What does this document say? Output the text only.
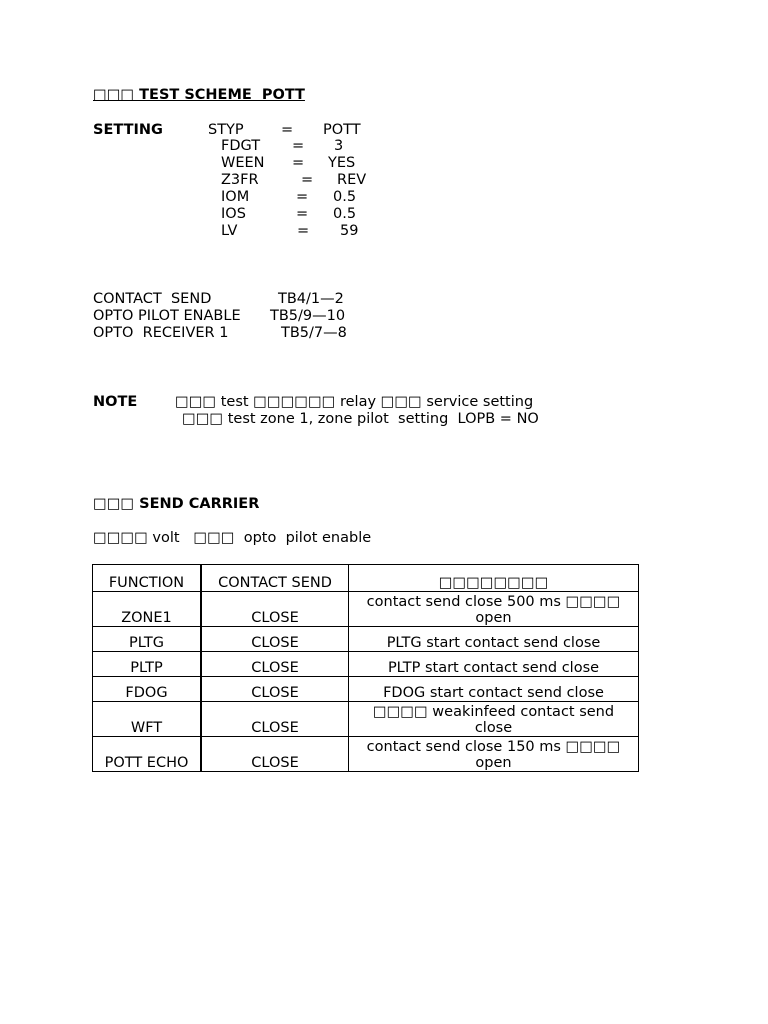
□□□ TEST SCHEME  POTT
SETTING	STYP	= POTT
FDGT = 3
WEEN = YES
Z3FR	= REV
IOM	= 0.5
IOS	= 0.5
LV	= 59
CONTACT  SEND	TB4/1—2
OPTO PILOT ENABLE TB5/9—10
OPTO  RECEIVER 1	TB5/7—8
NOTE	□□□ test □□□□□□ relay □□□ service setting
□□□ test zone 1, zone pilot  setting  LOPB = NO
□□□ SEND CARRIER
□□□□ volt   □□□  opto  pilot enable
FUNCTION	CONTACT SEND	□□□□□□□□
ZONE1	CLOSE	contact send close 500 ms □□□□ open
PLTG	CLOSE	PLTG start contact send close
PLTP	CLOSE	PLTP start contact send close
FDOG	CLOSE	FDOG start contact send close
WFT	CLOSE	□□□□ weakinfeed contact send close
POTT ECHO	CLOSE	contact send close 150 ms □□□□ open
